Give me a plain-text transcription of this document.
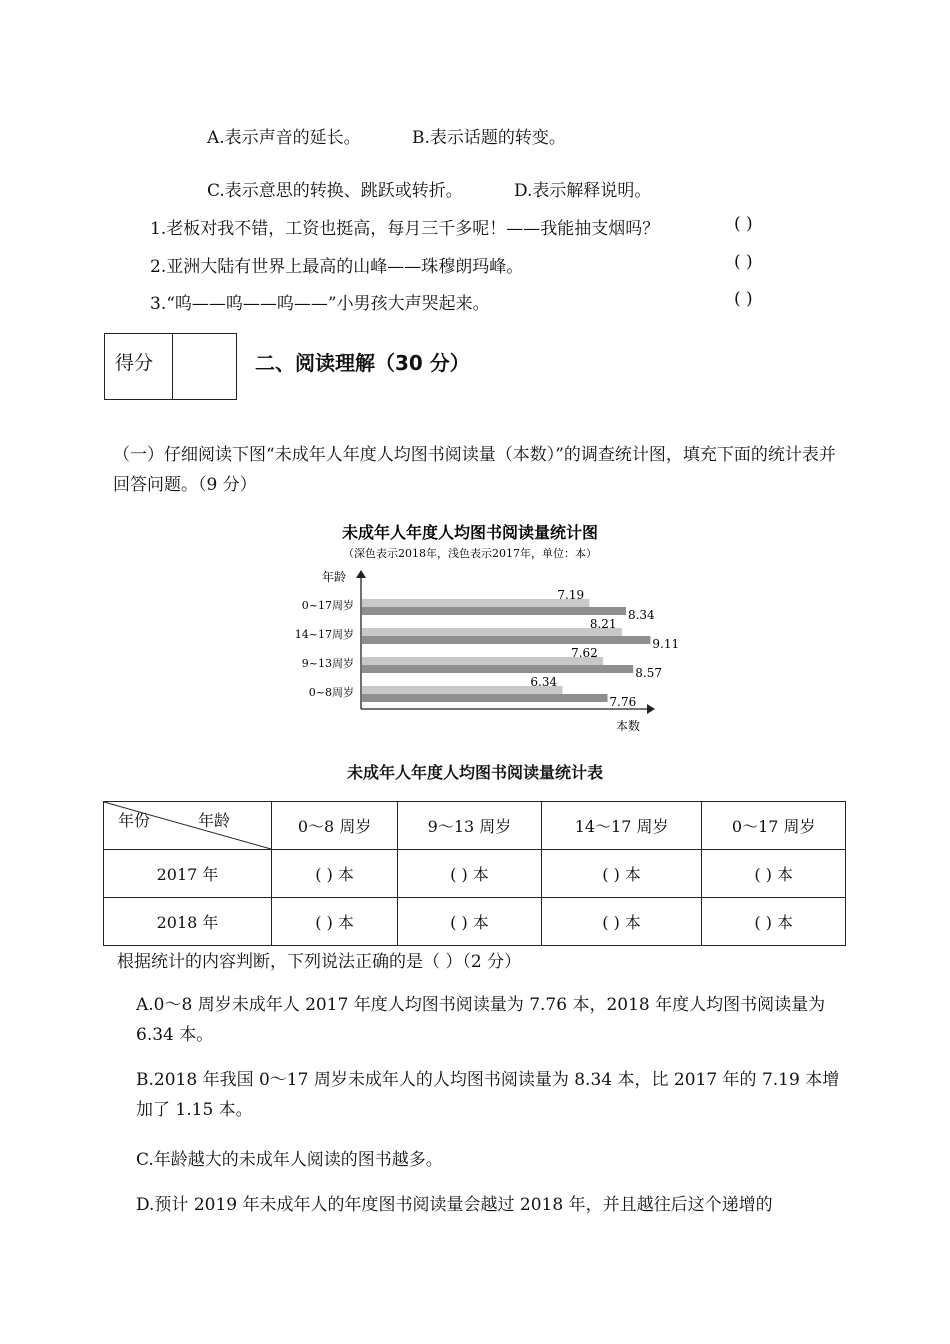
A.表示声音的延长。	B.表示话题的转变。
C.表示意思的转换、跳跃或转折。	D.表示解释说明。
1.老板对我不错，工资也挺高，每月三千多呢！——我能抽支烟吗？	( )
2.亚洲大陆有世界上最高的山峰——珠穆朗玛峰。	( )
3.“呜——呜——呜——”小男孩大声哭起来。	( )
得分	二、阅读理解（30 分）
（一）仔细阅读下图“未成年人年度人均图书阅读量（本数）”的调查统计图，填充下面的统计表并回答问题。（9 分）
未成年人年度人均图书阅读量统计图
（深色表示2018年，浅色表示2017年，单位：本）
年龄
本数
0~17周岁
7.19
8.34
14~17周岁
8.21
9.11
9~13周岁
7.62
8.57
0~8周岁
6.34
7.76
未成年人年度人均图书阅读量统计表
年份 年龄	0～8 周岁	9～13 周岁	14～17 周岁	0～17 周岁
2017 年	( ) 本	( ) 本	( ) 本	( ) 本
2018 年	( ) 本	( ) 本	( ) 本	( ) 本
根据统计的内容判断，下列说法正确的是（ ）（2 分）
A.0～8 周岁未成年人 2017 年度人均图书阅读量为 7.76 本，2018 年度人均图书阅读量为 6.34 本。
B.2018 年我国 0～17 周岁未成年人的人均图书阅读量为 8.34 本，比 2017 年的 7.19 本增加了 1.15 本。
C.年龄越大的未成年人阅读的图书越多。
D.预计 2019 年未成年人的年度图书阅读量会越过 2018 年，并且越往后这个递增的
